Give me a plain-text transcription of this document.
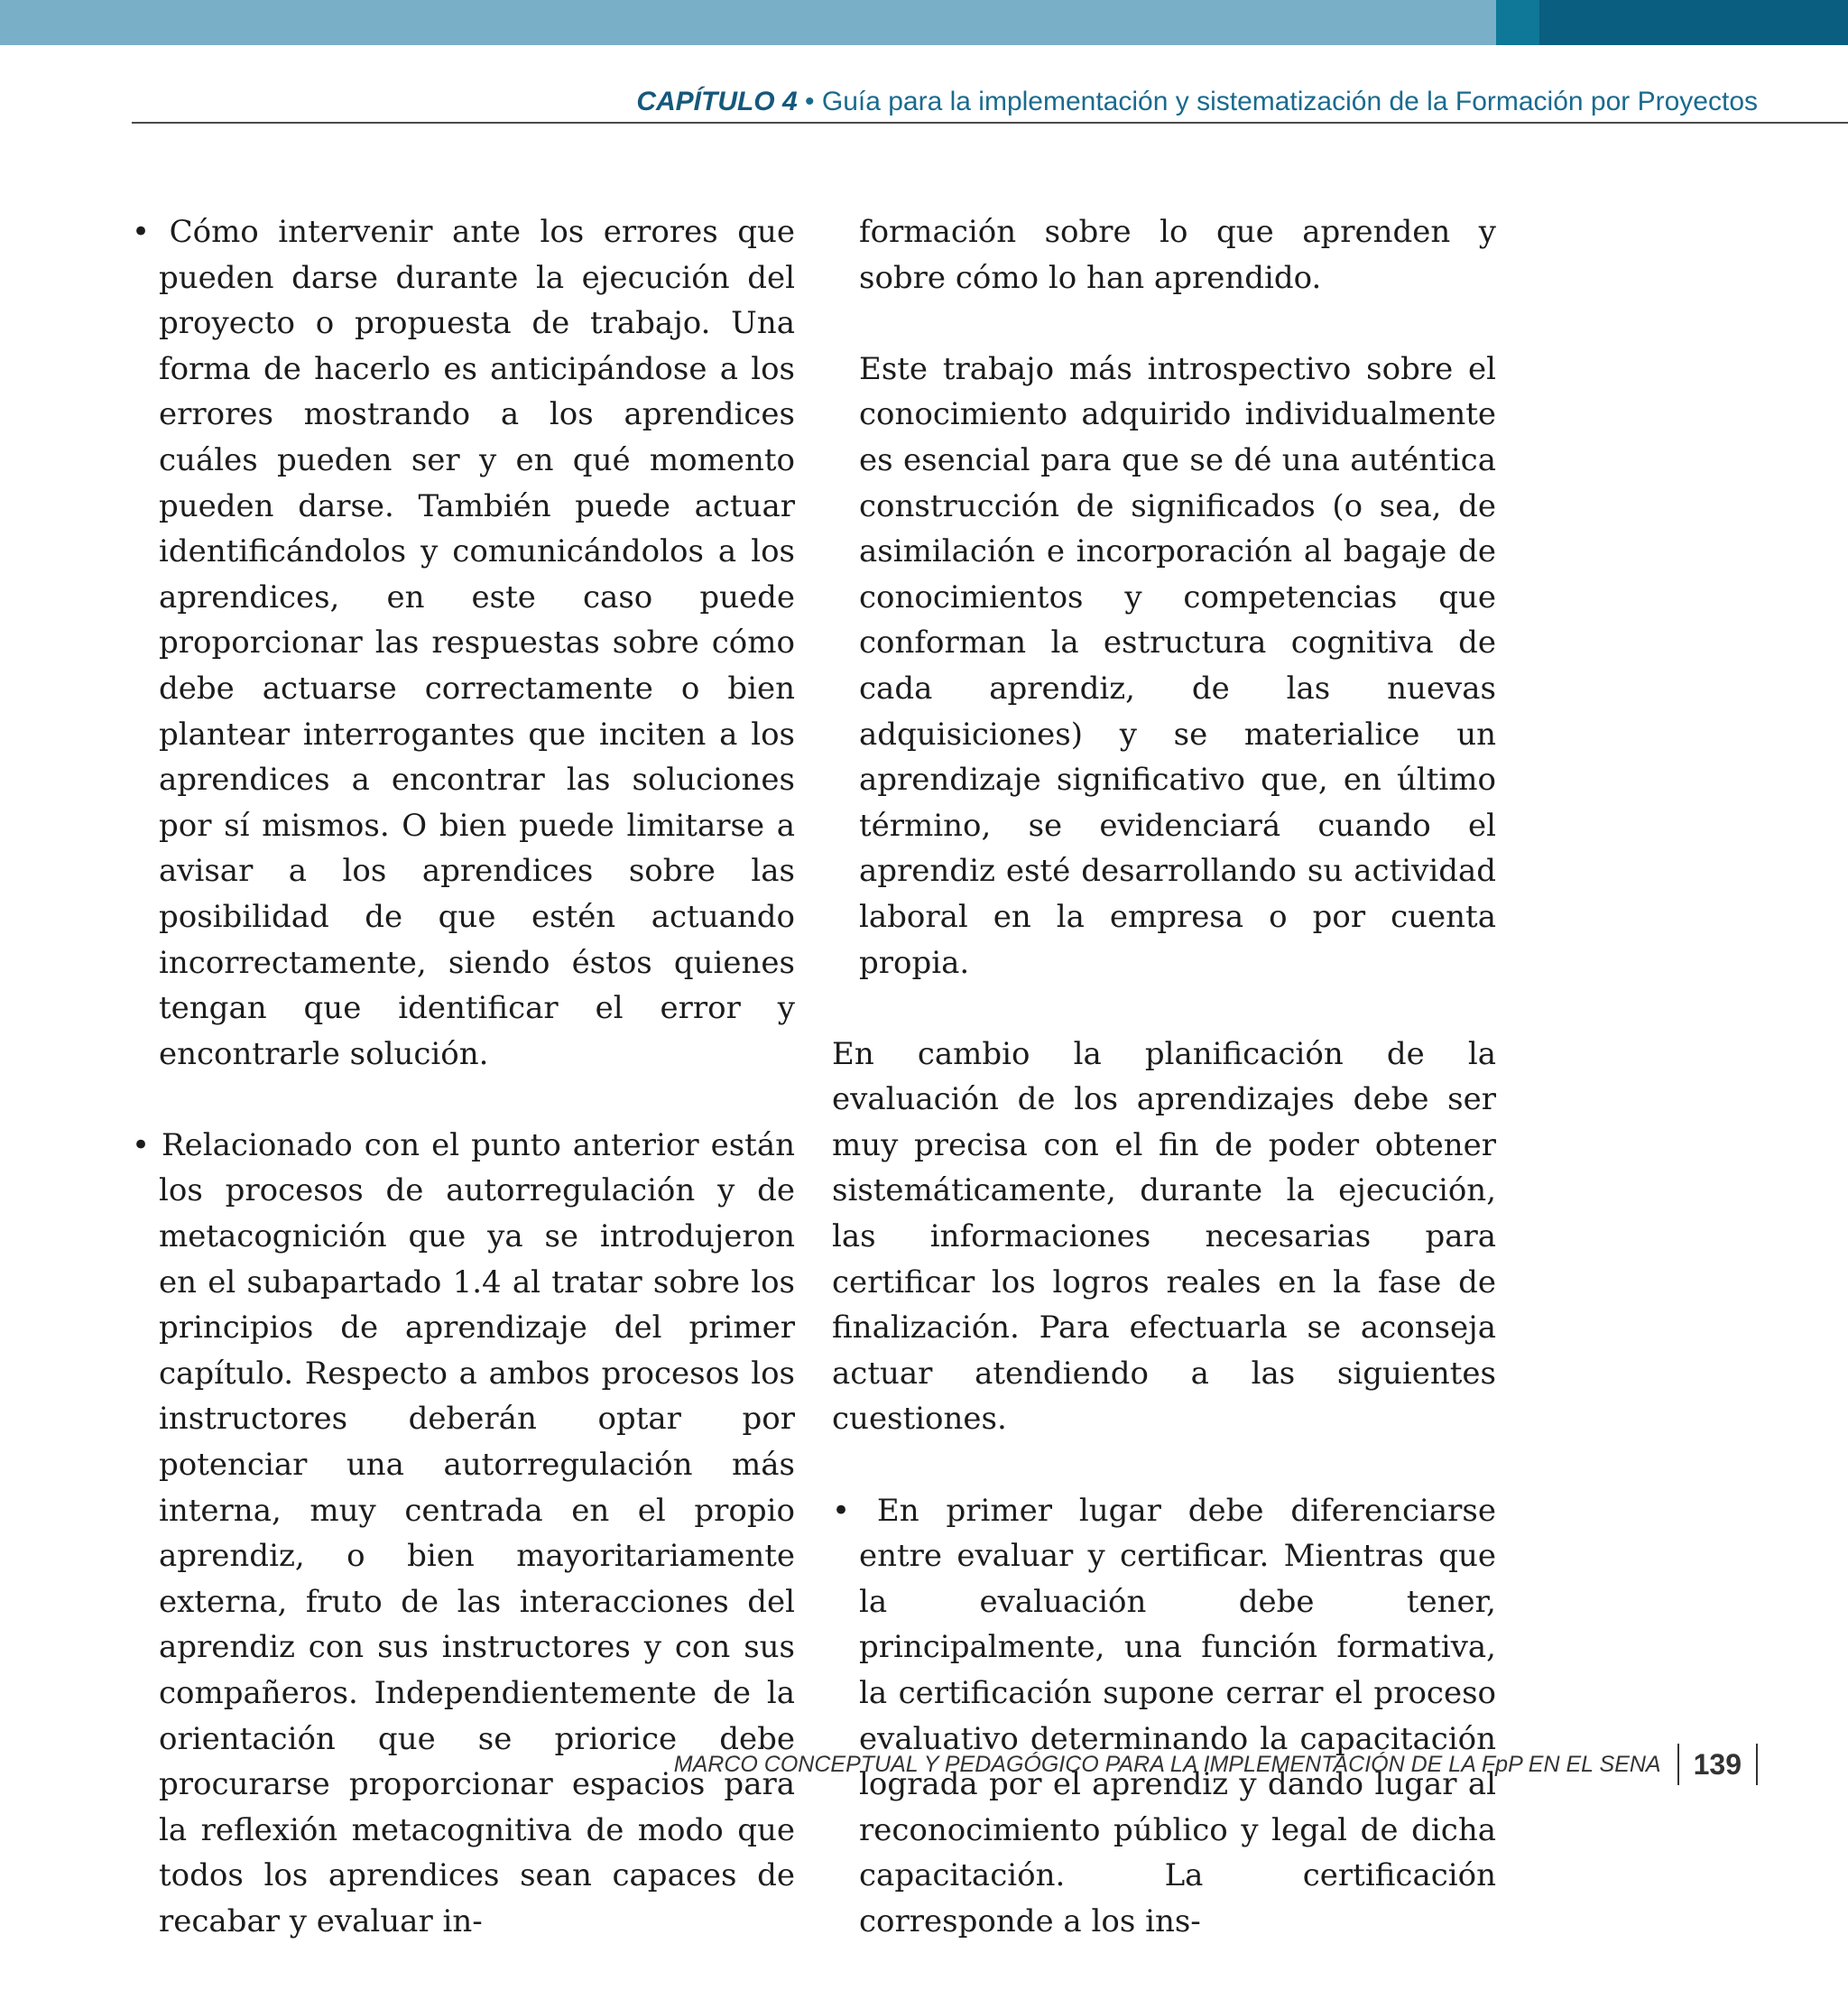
CAPÍTULO 4 • Guía para la implementación y sistematización de la Formación por Proyectos

• Cómo intervenir ante los errores que pueden darse durante la ejecución del proyecto o propuesta de trabajo. Una forma de hacerlo es anticipándose a los errores mostrando a los aprendices cuáles pueden ser y en qué momento pueden darse. También puede actuar identificándolos y comunicándolos a los aprendices, en este caso puede proporcionar las respuestas sobre cómo debe actuarse correctamente o bien plantear interrogantes que inciten a los aprendices a encontrar las soluciones por sí mismos. O bien puede limitarse a avisar a los aprendices sobre las posibilidad de que estén actuando incorrectamente, siendo éstos quienes tengan que identificar el error y encontrarle solución.

• Relacionado con el punto anterior están los procesos de autorregulación y de metacognición que ya se introdujeron en el subapartado 1.4 al tratar sobre los principios de aprendizaje del primer capítulo. Respecto a ambos procesos los instructores deberán optar por potenciar una autorregulación más interna, muy centrada en el propio aprendiz, o bien mayoritariamente externa, fruto de las interacciones del aprendiz con sus instructores y con sus compañeros. Independientemente de la orientación que se priorice debe procurarse proporcionar espacios para la reflexión metacognitiva de modo que todos los aprendices sean capaces de recabar y evaluar in-

formación sobre lo que aprenden y sobre cómo lo han aprendido.

Este trabajo más introspectivo sobre el conocimiento adquirido individualmente es esencial para que se dé una auténtica construcción de significados (o sea, de asimilación e incorporación al bagaje de conocimientos y competencias que conforman la estructura cognitiva de cada aprendiz, de las nuevas adquisiciones) y se materialice un aprendizaje significativo que, en último término, se evidenciará cuando el aprendiz esté desarrollando su actividad laboral en la empresa o por cuenta propia.

En cambio la planificación de la evaluación de los aprendizajes debe ser muy precisa con el fin de poder obtener sistemáticamente, durante la ejecución, las informaciones necesarias para certificar los logros reales en la fase de finalización. Para efectuarla se aconseja actuar atendiendo a las siguientes cuestiones.

• En primer lugar debe diferenciarse entre evaluar y certificar. Mientras que la evaluación debe tener, principalmente, una función formativa, la certificación supone cerrar el proceso evaluativo determinando la capacitación lograda por el aprendiz y dando lugar al reconocimiento público y legal de dicha capacitación. La certificación corresponde a los ins-

MARCO CONCEPTUAL Y PEDAGÓGICO PARA LA IMPLEMENTACIÓN DE LA FpP EN EL SENA	139
